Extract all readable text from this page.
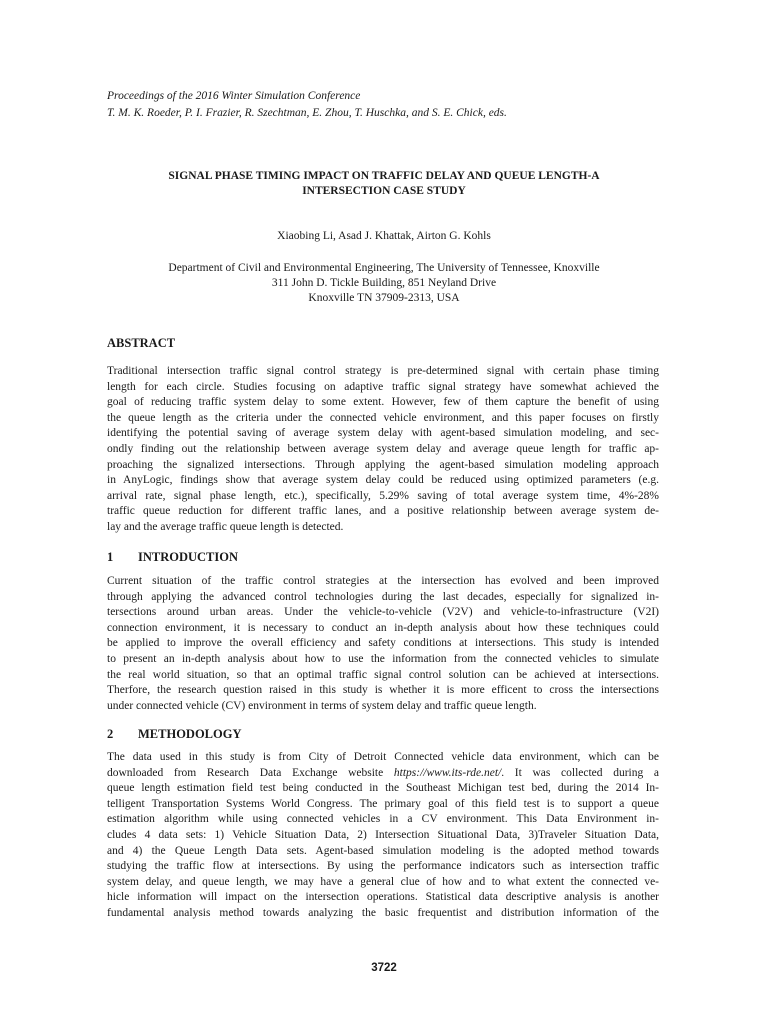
Proceedings of the 2016 Winter Simulation Conference
T. M. K. Roeder, P. I. Frazier, R. Szechtman, E. Zhou, T. Huschka, and S. E. Chick, eds.
SIGNAL PHASE TIMING IMPACT ON TRAFFIC DELAY AND QUEUE LENGTH-A
INTERSECTION CASE STUDY
Xiaobing Li, Asad J. Khattak, Airton G. Kohls
Department of Civil and Environmental Engineering, The University of Tennessee, Knoxville
311 John D. Tickle Building, 851 Neyland Drive
Knoxville TN 37909-2313, USA
ABSTRACT
Traditional intersection traffic signal control strategy is pre-determined signal with certain phase timing
length for each circle. Studies focusing on adaptive traffic signal strategy have somewhat achieved the
goal of reducing traffic system delay to some extent. However, few of them capture the benefit of using
the queue length as the criteria under the connected vehicle environment, and this paper focuses on firstly
identifying the potential saving of average system delay with agent-based simulation modeling, and sec-
ondly finding out the relationship between average system delay and average queue length for traffic ap-
proaching the signalized intersections. Through applying the agent-based simulation modeling approach
in AnyLogic, findings show that average system delay could be reduced using optimized parameters (e.g.
arrival rate, signal phase length, etc.), specifically, 5.29% saving of total average system time, 4%-28%
traffic queue reduction for different traffic lanes, and a positive relationship between average system de-
lay and the average traffic queue length is detected.
1 INTRODUCTION
Current situation of the traffic control strategies at the intersection has evolved and been improved
through applying the advanced control technologies during the last decades, especially for signalized in-
tersections around urban areas. Under the vehicle-to-vehicle (V2V) and vehicle-to-infrastructure (V2I)
connection environment, it is necessary to conduct an in-depth analysis about how these techniques could
be applied to improve the overall efficiency and safety conditions at intersections. This study is intended
to present an in-depth analysis about how to use the information from the connected vehicles to simulate
the real world situation, so that an optimal traffic signal control solution can be achieved at intersections.
Therfore, the research question raised in this study is whether it is more efficent to cross the intersections
under connected vehicle (CV) environment in terms of system delay and traffic queue length.
2 METHODOLOGY
The data used in this study is from City of Detroit Connected vehicle data environment, which can be
downloaded from Research Data Exchange website https://www.its-rde.net/. It was collected during a
queue length estimation field test being conducted in the Southeast Michigan test bed, during the 2014 In-
telligent Transportation Systems World Congress. The primary goal of this field test is to support a queue
estimation algorithm while using connected vehicles in a CV environment. This Data Environment in-
cludes 4 data sets: 1) Vehicle Situation Data, 2) Intersection Situational Data, 3)Traveler Situation Data,
and 4) the Queue Length Data sets. Agent-based simulation modeling is the adopted method towards
studying the traffic flow at intersections. By using the performance indicators such as intersection traffic
system delay, and queue length, we may have a general clue of how and to what extent the connected ve-
hicle information will impact on the intersection operations. Statistical data descriptive analysis is another
fundamental analysis method towards analyzing the basic frequentist and distribution information of the
3722
